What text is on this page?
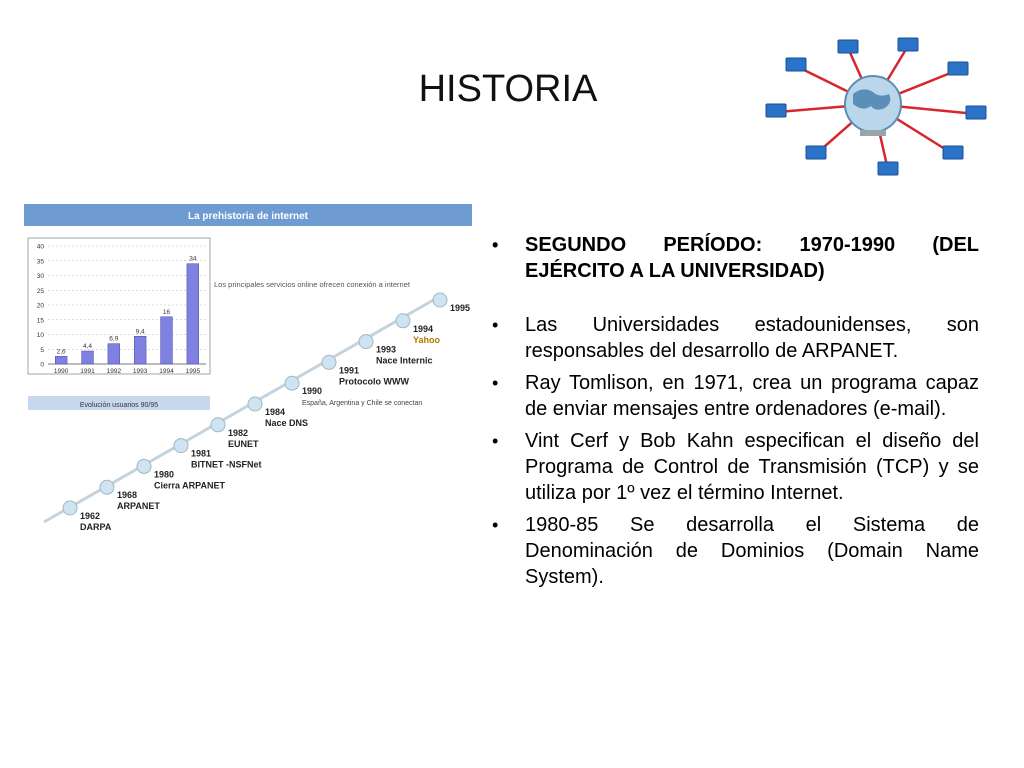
HISTORIA
La prehistoria de internet
0
5
10
15
20
25
30
35
40
2,6
1990
4,4
1991
6,9
1992
9,4
1993
16
1994
34
1995
Evolución usuarios 90/95
Los principales servicios online ofrecen conexión a internet
1962
DARPA
1968
ARPANET
1980
Cierra ARPANET
1981
BITNET -NSFNet
1982
EUNET
1984
Nace DNS
1990
España, Argentina y Chile se conectan
1991
Protocolo WWW
1993
Nace Internic
1994
Yahoo
1995
• SEGUNDO PERÍODO: 1970-1990 (DEL EJÉRCITO A LA UNIVERSIDAD)
• Las Universidades estadounidenses, son responsables del desarrollo de ARPANET.
• Ray Tomlison, en 1971, crea un programa capaz de enviar mensajes entre ordenadores (e-mail).
• Vint Cerf y Bob Kahn especifican el diseño del Programa de Control de Transmisión (TCP) y se utiliza por 1º vez el término Internet.
• 1980-85 Se desarrolla el Sistema de Denominación de Dominios (Domain Name System).
